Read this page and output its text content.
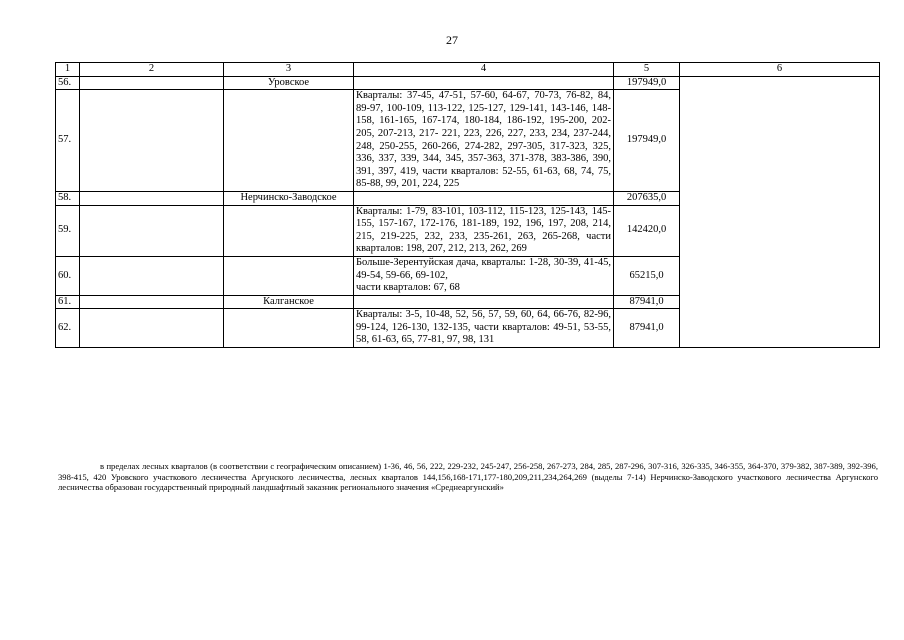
27
1	2	3	4	5	6
56.		Уровское		197949,0	
57.			Кварталы: 37-45, 47-51, 57-60, 64-67, 70-73, 76-82, 84, 89-97, 100-109, 113-122, 125-127, 129-141, 143-146, 148-158, 161-165, 167-174, 180-184, 186-192, 195-200, 202-205, 207-213, 217- 221, 223, 226, 227, 233, 234, 237-244, 248, 250-255, 260-266, 274-282, 297-305, 317-323, 325, 336, 337, 339, 344, 345, 357-363, 371-378, 383-386, 390, 391, 397, 419, части кварталов: 52-55, 61-63, 68, 74, 75, 85-88, 99, 201, 224, 225	197949,0	
58.		Нерчинско-Заводское		207635,0	
59.			Кварталы: 1-79, 83-101, 103-112, 115-123, 125-143, 145-155, 157-167, 172-176, 181-189, 192, 196, 197, 208, 214, 215, 219-225, 232, 233, 235-261, 263, 265-268, части кварталов: 198, 207, 212, 213, 262, 269	142420,0	
60.			Больше-Зерентуйская дача, кварталы: 1-28, 30-39, 41-45, 49-54, 59-66, 69-102,
части кварталов: 67, 68	65215,0	
61.		Калганское		87941,0	
62.			Кварталы: 3-5, 10-48, 52, 56, 57, 59, 60, 64, 66-76, 82-96, 99-124, 126-130, 132-135, части кварталов: 49-51, 53-55, 58, 61-63, 65, 77-81, 97, 98, 131	87941,0	
в пределах лесных кварталов (в соответствии с географическим описанием) 1-36, 46, 56, 222, 229-232, 245-247, 256-258, 267-273, 284, 285, 287-296, 307-316, 326-335, 346-355, 364-370, 379-382, 387-389, 392-396, 398-415, 420 Уровского участкового лесничества Аргунского лесничества, лесных кварталов 144,156,168-171,177-180,209,211,234,264,269 (выделы 7-14) Нерчинско-Заводского участкового лесничества Аргунского лесничества образован государственный природный ландшафтный заказник регионального значения «Среднеаргунский»
